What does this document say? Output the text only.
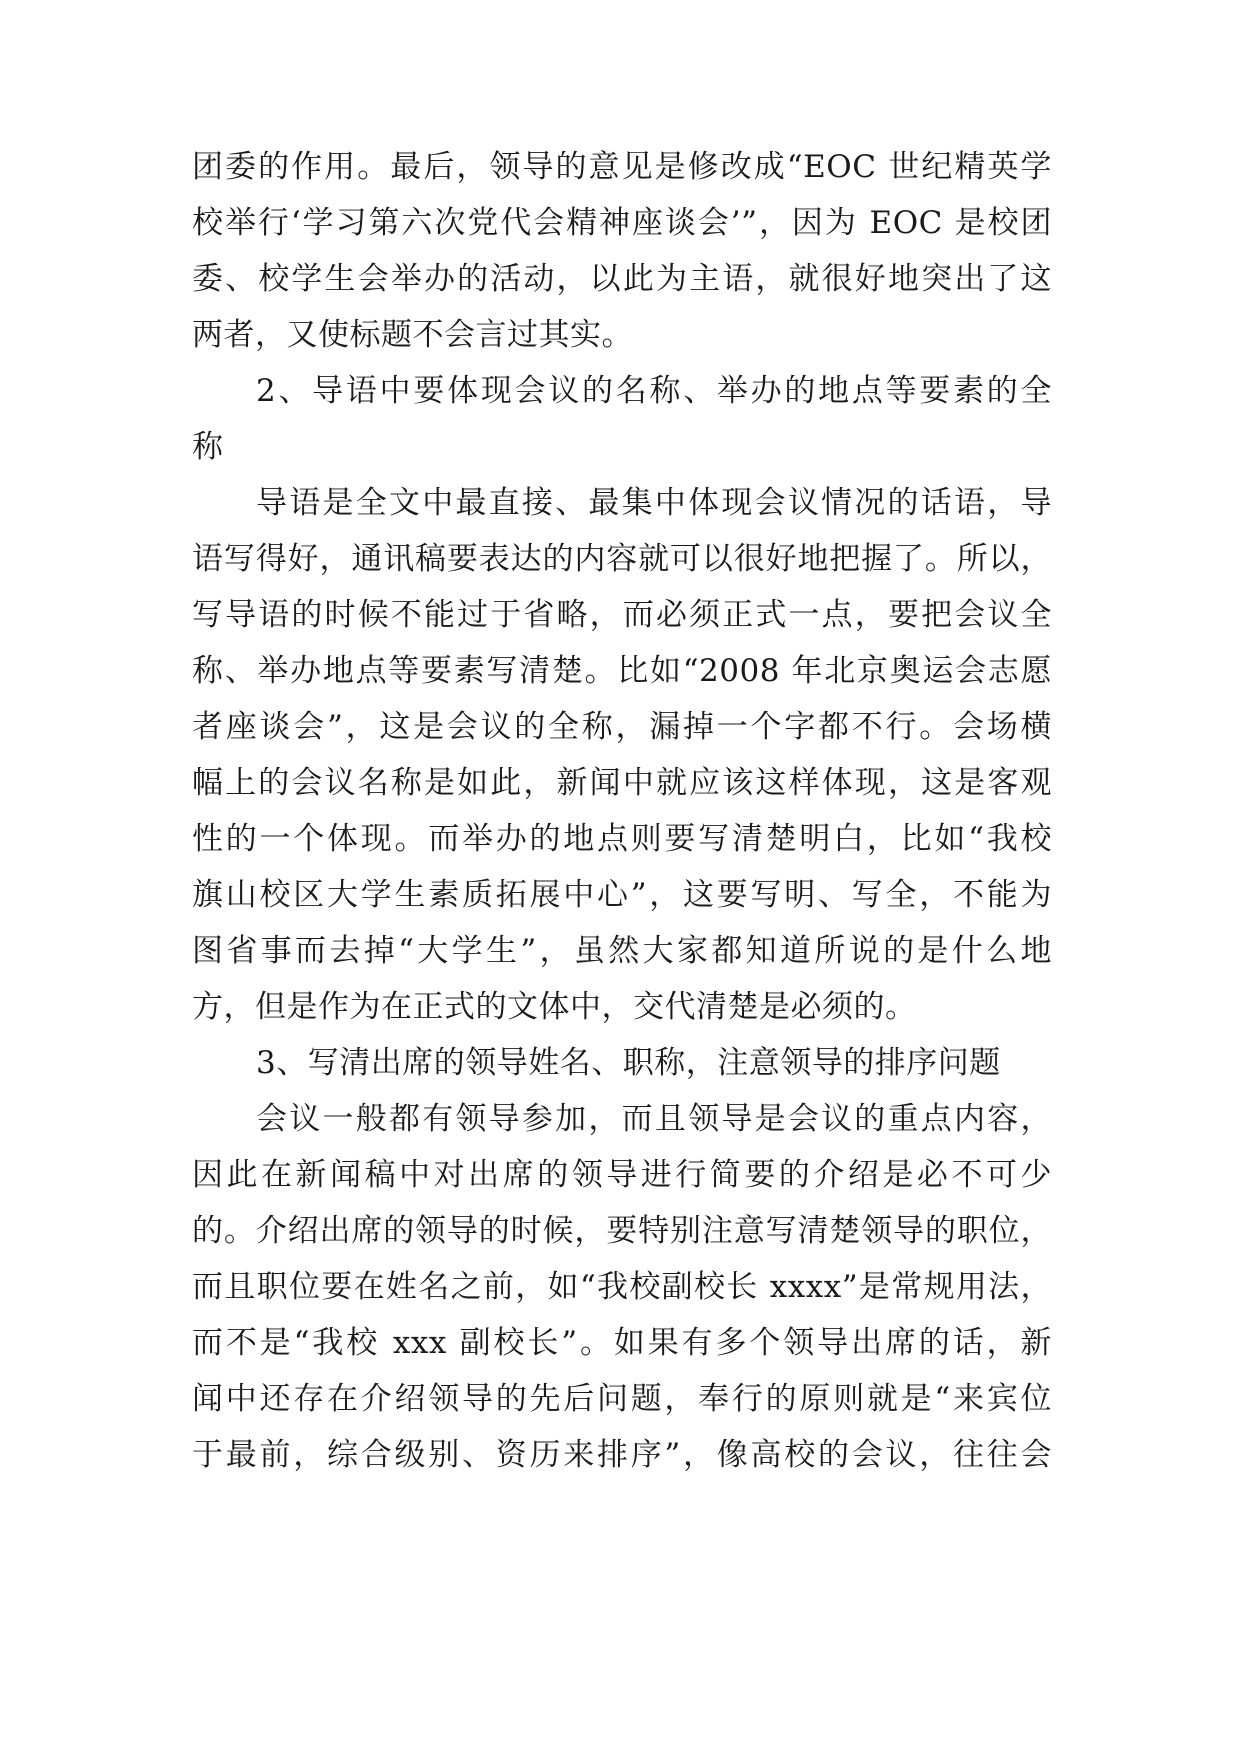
团委的作用。最后，领导的意见是修改成“EOC 世纪精英学
校举行‘学习第六次党代会精神座谈会’”，因为 EOC 是校团
委、校学生会举办的活动，以此为主语，就很好地突出了这
两者，又使标题不会言过其实。
2、导语中要体现会议的名称、举办的地点等要素的全
称
导语是全文中最直接、最集中体现会议情况的话语，导
语写得好，通讯稿要表达的内容就可以很好地把握了。所以，
写导语的时候不能过于省略，而必须正式一点，要把会议全
称、举办地点等要素写清楚。比如“2008 年北京奥运会志愿
者座谈会”，这是会议的全称，漏掉一个字都不行。会场横
幅上的会议名称是如此，新闻中就应该这样体现，这是客观
性的一个体现。而举办的地点则要写清楚明白，比如“我校
旗山校区大学生素质拓展中心”，这要写明、写全，不能为
图省事而去掉“大学生”，虽然大家都知道所说的是什么地
方，但是作为在正式的文体中，交代清楚是必须的。
3、写清出席的领导姓名、职称，注意领导的排序问题
会议一般都有领导参加，而且领导是会议的重点内容，
因此在新闻稿中对出席的领导进行简要的介绍是必不可少
的。介绍出席的领导的时候，要特别注意写清楚领导的职位，
而且职位要在姓名之前，如“我校副校长 xxxx”是常规用法，
而不是“我校 xxx 副校长”。如果有多个领导出席的话，新
闻中还存在介绍领导的先后问题，奉行的原则就是“来宾位
于最前，综合级别、资历来排序”，像高校的会议，往往会
